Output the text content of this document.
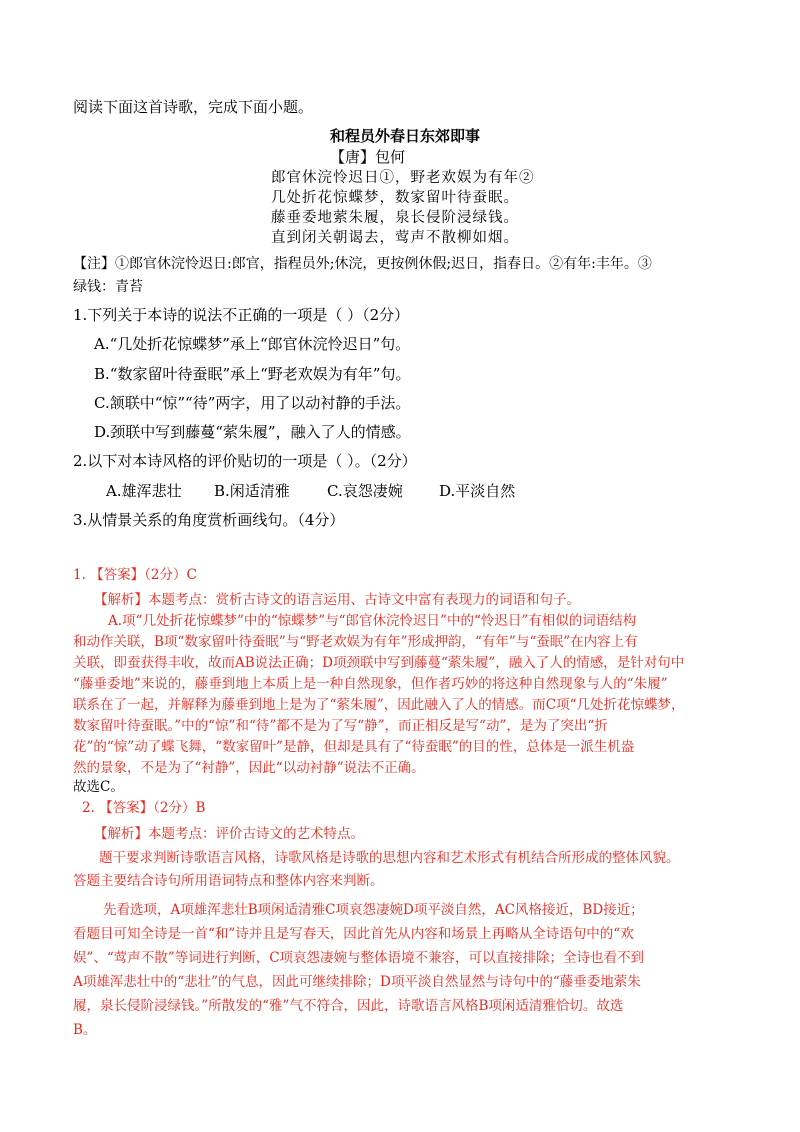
阅读下面这首诗歌，完成下面小题。
和程员外春日东郊即事
【唐】包何
郎官休浣怜迟日①，野老欢娱为有年②
几处折花惊蝶梦，数家留叶待蚕眠。
藤垂委地萦朱履，泉长侵阶浸绿钱。
直到闭关朝谒去，莺声不散柳如烟。
【注】①郎官休浣怜迟日:郎官，指程员外;休浣，更按例休假;迟日，指春日。②有年:丰年。③
绿钱：青苔
1.下列关于本诗的说法不正确的一项是（ ）（2分）
A.“几处折花惊蝶梦”承上“郎官休浣怜迟日”句。
B.“数家留叶待蚕眠”承上“野老欢娱为有年”句。
C.颔联中“惊”“待”两字，用了以动衬静的手法。
D.颈联中写到藤蔓“萦朱履”，融入了人的情感。
2.以下对本诗风格的评价贴切的一项是（ ）。（2分）
A.雄浑悲壮 B.闲适清雅 C.哀怨凄婉 D.平淡自然
3.从情景关系的角度赏析画线句。（4分）
1. 【答案】（2分）C
【解析】本题考点：赏析古诗文的语言运用、古诗文中富有表现力的词语和句子。
A.项“几处折花惊蝶梦”中的“惊蝶梦”与“郎官休浣怜迟日”中的“怜迟日”有相似的词语结构
和动作关联，B项“数家留叶待蚕眠”与“野老欢娱为有年”形成押韵，“有年”与“蚕眠”在内容上有
关联，即蚕获得丰收，故而AB说法正确；D项颈联中写到藤蔓“萦朱履”，融入了人的情感，是针对句中
“藤垂委地”来说的，藤垂到地上本质上是一种自然现象，但作者巧妙的将这种自然现象与人的“朱履”
联系在了一起，并解释为藤垂到地上是为了“萦朱履”，因此融入了人的情感。而C项“几处折花惊蝶梦，
数家留叶待蚕眠。”中的“惊”和“待”都不是为了写“静”，而正相反是写“动”，是为了突出“折
花”的“惊”动了蝶飞舞，“数家留叶”是静，但却是具有了“待蚕眠”的目的性，总体是一派生机盎
然的景象，不是为了“衬静”，因此“以动衬静”说法不正确。
故选C。
2. 【答案】（2分）B
【解析】本题考点：评价古诗文的艺术特点。
题干要求判断诗歌语言风格，诗歌风格是诗歌的思想内容和艺术形式有机结合所形成的整体风貌。
答题主要结合诗句所用语词特点和整体内容来判断。
先看选项，A项雄浑悲壮B项闲适清雅C项哀怨凄婉D项平淡自然，AC风格接近，BD接近；
看题目可知全诗是一首“和”诗并且是写春天，因此首先从内容和场景上再略从全诗语句中的“欢
娱”、“莺声不散”等词进行判断，C项哀怨凄婉与整体语境不兼容，可以直接排除；全诗也看不到
A项雄浑悲壮中的“悲壮”的气息，因此可继续排除；D项平淡自然显然与诗句中的“藤垂委地萦朱
履，泉长侵阶浸绿钱。”所散发的“雅”气不符合，因此，诗歌语言风格B项闲适清雅恰切。故选
B。
